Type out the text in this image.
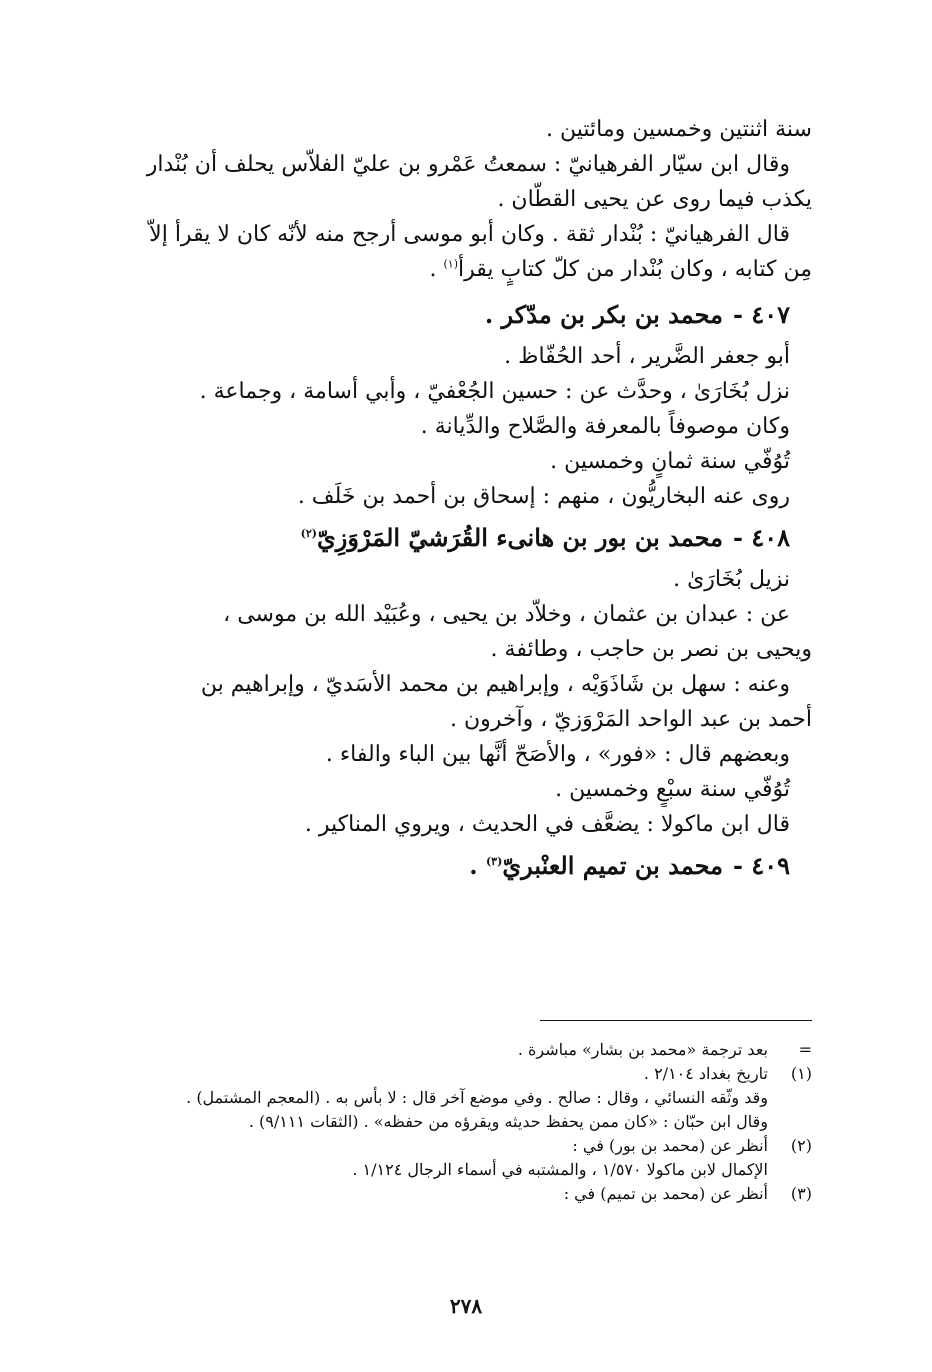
سنة اثنتين وخمسين ومائتين .
وقال ابن سيّار الفرهيانيّ : سمعتُ عَمْرو بن عليّ الفلاّس يحلف أن بُنْدار
يكذب فيما روى عن يحيى القطّان .
قال الفرهيانيّ : بُنْدار ثقة . وكان أبو موسى أرجح منه لأنّه كان لا يقرأ إلاّ
مِن كتابه ، وكان بُنْدار من كلّ كتابٍ يقرأ$^{(١)}$ .
٤٠٧ -محمد بن بكر بن مدّكر .
أبو جعفر الضَّرير ، أحد الحُفّاظ .
نزل بُخَارَىٰ ، وحدَّث عن : حسين الجُعْفيّ ، وأبي أسامة ، وجماعة .
وكان موصوفاً بالمعرفة والصَّلاح والدِّيانة .
تُوُفّي سنة ثمانٍ وخمسين .
روى عنه البخاريُّون ، منهم : إسحاق بن أحمد بن خَلَف .
٤٠٨ -محمد بن بور بن هانىء القُرَشيّ المَرْوَزِيّ$^{(٢)}$
نزيل بُخَارَىٰ .
عن : عبدان بن عثمان ، وخلاّد بن يحيى ، وعُبَيْد الله بن موسى ،
ويحيى بن نصر بن حاجب ، وطائفة .
وعنه : سهل بن شَاذَوَيْه ، وإبراهيم بن محمد الأسَديّ ، وإبراهيم بن
أحمد بن عبد الواحد المَرْوَزيّ ، وآخرون .
وبعضهم قال : «فور» ، والأصَحّ أنَّها بين الباء والفاء .
تُوُفّي سنة سبْعٍ وخمسين .
قال ابن ماكولا : يضعَّف في الحديث ، ويروي المناكير .
٤٠٩ -محمد بن تميم العنْبريّ$^{(٣)}$ .
=
بعد ترجمة «محمد بن بشار» مباشرة .
(١)
تاريخ بغداد ٢/١٠٤ .
وقد وثّقه النسائي ، وقال : صالح . وفي موضع آخر قال : لا بأس به . (المعجم المشتمل) .
وقال ابن حبّان : «كان ممن يحفظ حديثه ويقرؤه من حفظه» . (الثقات ٩/١١١) .
(٢)
أنظر عن (محمد بن بور) في :
الإكمال لابن ماكولا ١/٥٧٠ ، والمشتبه في أسماء الرجال ١/١٢٤ .
(٣)
أنظر عن (محمد بن تميم) في :
٢٧٨
